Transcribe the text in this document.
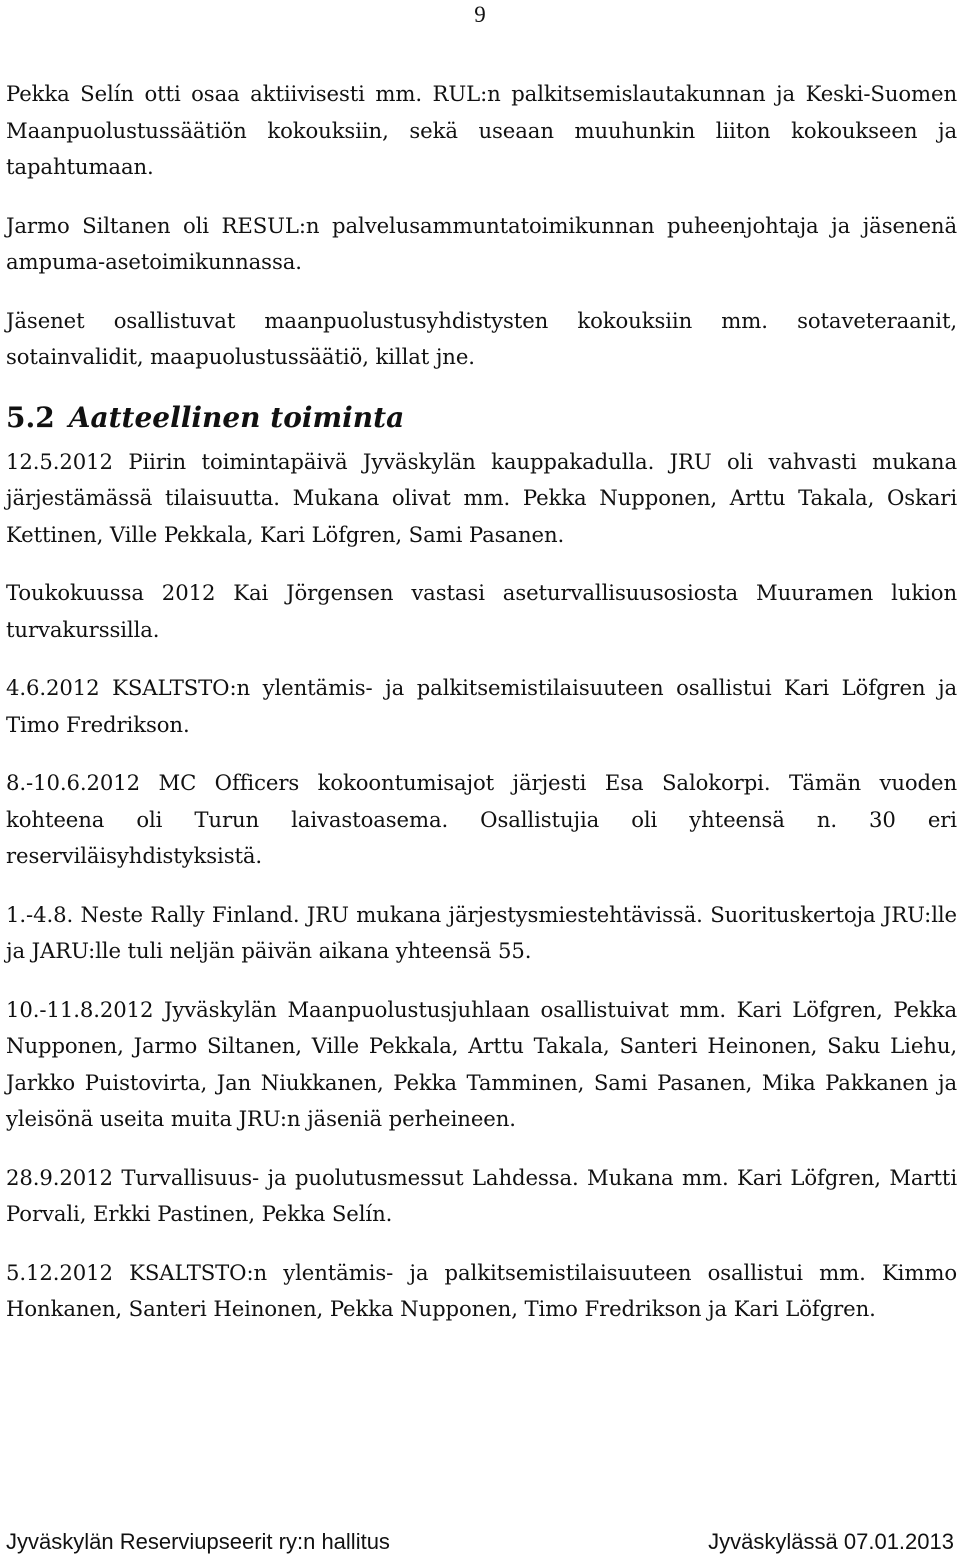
9

Pekka Selín otti osaa aktiivisesti mm. RUL:n palkitsemislautakunnan ja Keski-Suomen Maanpuolustussäätiön kokouksiin, sekä useaan muuhunkin liiton kokoukseen ja tapahtumaan.

Jarmo Siltanen oli RESUL:n palvelusammuntatoimikunnan puheenjohtaja ja jäsenenä ampuma-asetoimikunnassa.

Jäsenet osallistuvat maanpuolustusyhdistysten kokouksiin mm. sotaveteraanit, sotainvalidit, maapuolustussäätiö, killat jne.

5.2 Aatteellinen toiminta

12.5.2012 Piirin toimintapäivä Jyväskylän kauppakadulla. JRU oli vahvasti mukana järjestämässä tilaisuutta. Mukana olivat mm. Pekka Nupponen, Arttu Takala, Oskari Kettinen, Ville Pekkala, Kari Löfgren, Sami Pasanen.

Toukokuussa 2012 Kai Jörgensen vastasi aseturvallisuusosiosta Muuramen lukion turvakurssilla.

4.6.2012 KSALTSTO:n ylentämis- ja palkitsemistilaisuuteen osallistui Kari Löfgren ja Timo Fredrikson.

8.-10.6.2012 MC Officers kokoontumisajot järjesti Esa Salokorpi. Tämän vuoden kohteena oli Turun laivastoasema. Osallistujia oli yhteensä n. 30 eri reserviläisyhdistyksistä.

1.-4.8. Neste Rally Finland. JRU mukana järjestysmiestehtävissä. Suorituskertoja JRU:lle ja JARU:lle tuli neljän päivän aikana yhteensä 55.

10.-11.8.2012 Jyväskylän Maanpuolustusjuhlaan osallistuivat mm. Kari Löfgren, Pekka Nupponen, Jarmo Siltanen, Ville Pekkala, Arttu Takala, Santeri Heinonen, Saku Liehu, Jarkko Puistovirta, Jan Niukkanen, Pekka Tamminen, Sami Pasanen, Mika Pakkanen ja yleisönä useita muita JRU:n jäseniä perheineen.

28.9.2012 Turvallisuus- ja puolutusmessut Lahdessa. Mukana mm. Kari Löfgren, Martti Porvali, Erkki Pastinen, Pekka Selín.

5.12.2012 KSALTSTO:n ylentämis- ja palkitsemistilaisuuteen osallistui mm. Kimmo Honkanen, Santeri Heinonen, Pekka Nupponen, Timo Fredrikson ja Kari Löfgren.

Jyväskylän Reserviupseerit ry:n hallitus	Jyväskylässä 07.01.2013
